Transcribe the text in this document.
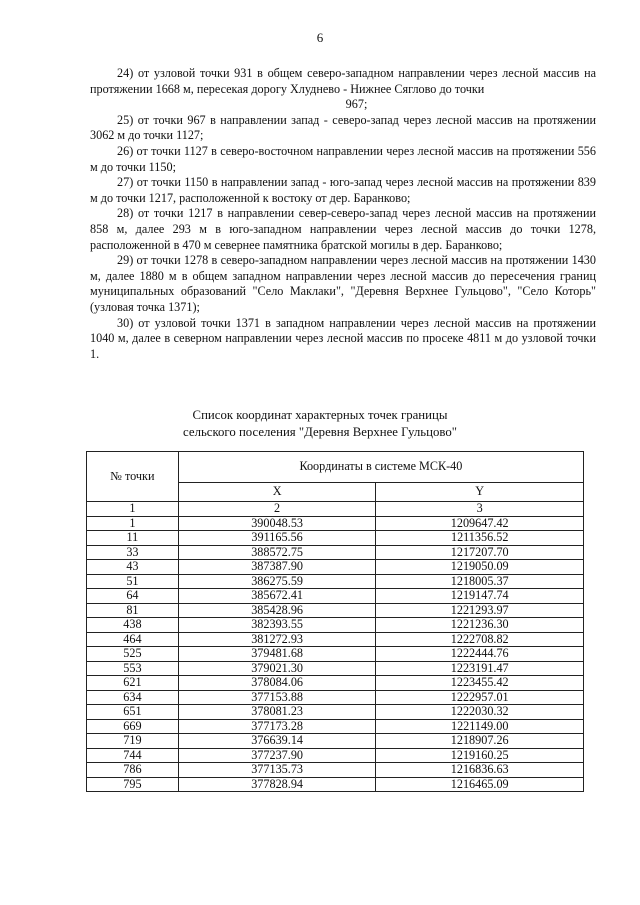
6

24) от узловой точки 931 в общем северо-западном направлении через лесной массив на протяжении 1668 м, пересекая дорогу Хлуднево - Нижнее Сяглово до точки
967;

25) от точки 967 в направлении запад - северо-запад через лесной массив на протяжении 3062 м до точки 1127;

26) от точки 1127 в северо-восточном направлении через лесной массив на протяжении 556 м до точки 1150;

27) от точки 1150 в направлении запад - юго-запад через лесной массив на протяжении 839 м до точки 1217, расположенной к востоку от дер. Баранково;

28) от точки 1217 в направлении север-северо-запад через лесной массив на протяжении 858 м, далее 293 м в юго-западном направлении через лесной массив до точки 1278, расположенной в 470 м севернее памятника братской могилы в дер. Баранково;

29) от точки 1278 в северо-западном направлении через лесной массив на протяжении 1430 м, далее 1880 м в общем западном направлении через лесной массив до пересечения границ муниципальных образований "Село Маклаки", "Деревня Верхнее Гульцово", "Село Которь" (узловая точка 1371);

30) от узловой точки 1371 в западном направлении через лесной массив на протяжении 1040 м, далее в северном направлении через лесной массив по просеке 4811 м до узловой точки 1.

Список координат характерных точек границы
сельского поселения "Деревня Верхнее Гульцово"
№ точки	Координаты в системе МСК-40	
	X	Y
1	2	3
1	390048.53	1209647.42
11	391165.56	1211356.52
33	388572.75	1217207.70
43	387387.90	1219050.09
51	386275.59	1218005.37
64	385672.41	1219147.74
81	385428.96	1221293.97
438	382393.55	1221236.30
464	381272.93	1222708.82
525	379481.68	1222444.76
553	379021.30	1223191.47
621	378084.06	1223455.42
634	377153.88	1222957.01
651	378081.23	1222030.32
669	377173.28	1221149.00
719	376639.14	1218907.26
744	377237.90	1219160.25
786	377135.73	1216836.63
795	377828.94	1216465.09
